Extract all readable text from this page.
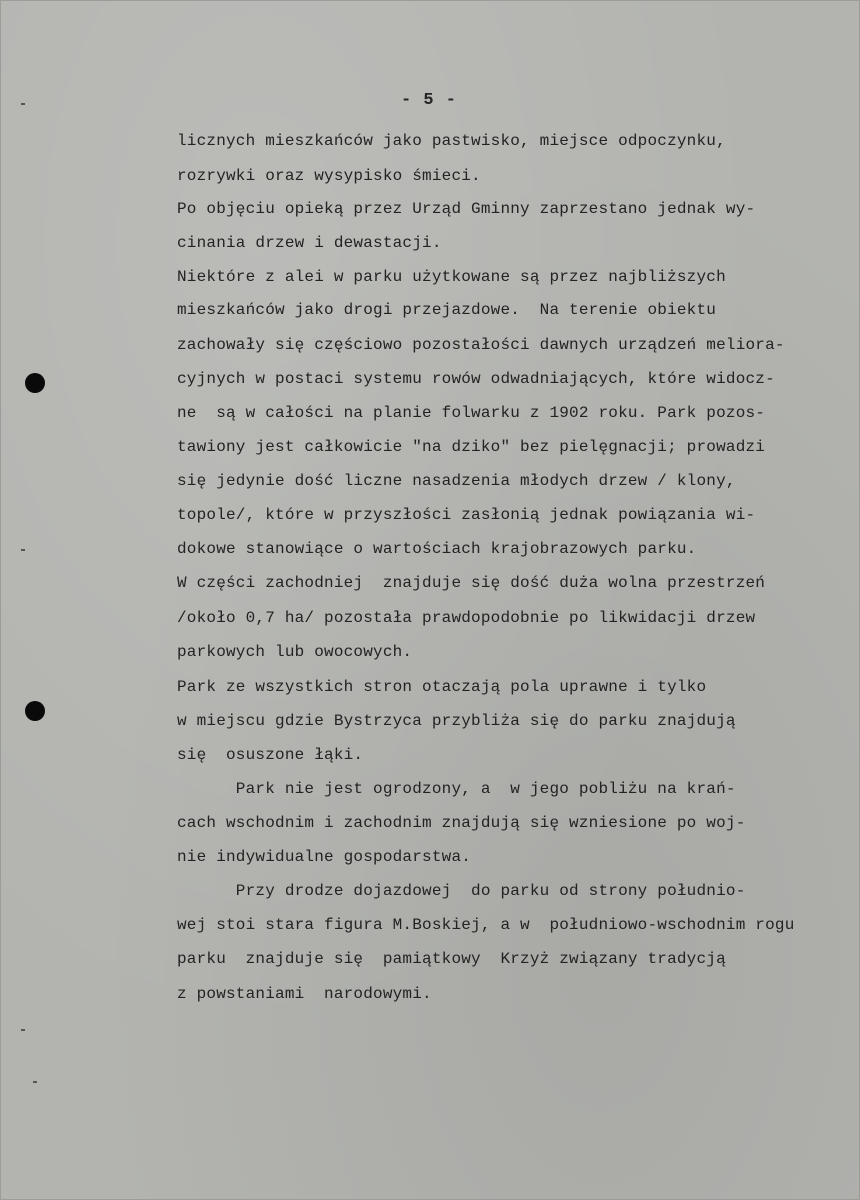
- 5 -
licznych mieszkańców jako pastwisko, miejsce odpoczynku,
rozrywki oraz wysypisko śmieci.
Po objęciu opieką przez Urząd Gminny zaprzestano jednak wy-
cinania drzew i dewastacji.
Niektóre z alei w parku użytkowane są przez najbliższych
mieszkańców jako drogi przejazdowe.  Na terenie obiektu
zachowały się częściowo pozostałości dawnych urządzeń meliora-
cyjnych w postaci systemu rowów odwadniających, które widocz-
ne  są w całości na planie folwarku z 1902 roku. Park pozos-
tawiony jest całkowicie "na dziko" bez pielęgnacji; prowadzi
się jedynie dość liczne nasadzenia młodych drzew / klony,
topole/, które w przyszłości zasłonią jednak powiązania wi-
dokowe stanowiące o wartościach krajobrazowych parku.
W części zachodniej  znajduje się dość duża wolna przestrzeń
/około 0,7 ha/ pozostała prawdopodobnie po likwidacji drzew
parkowych lub owocowych.
Park ze wszystkich stron otaczają pola uprawne i tylko
w miejscu gdzie Bystrzyca przybliża się do parku znajdują
się  osuszone łąki.
Park nie jest ogrodzony, a  w jego pobliżu na krań-
cach wschodnim i zachodnim znajdują się wzniesione po woj-
nie indywidualne gospodarstwa.
Przy drodze dojazdowej  do parku od strony południo-
wej stoi stara figura M.Boskiej, a w  południowo-wschodnim rogu
parku  znajduje się  pamiątkowy  Krzyż związany tradycją
z powstaniami  narodowymi.
